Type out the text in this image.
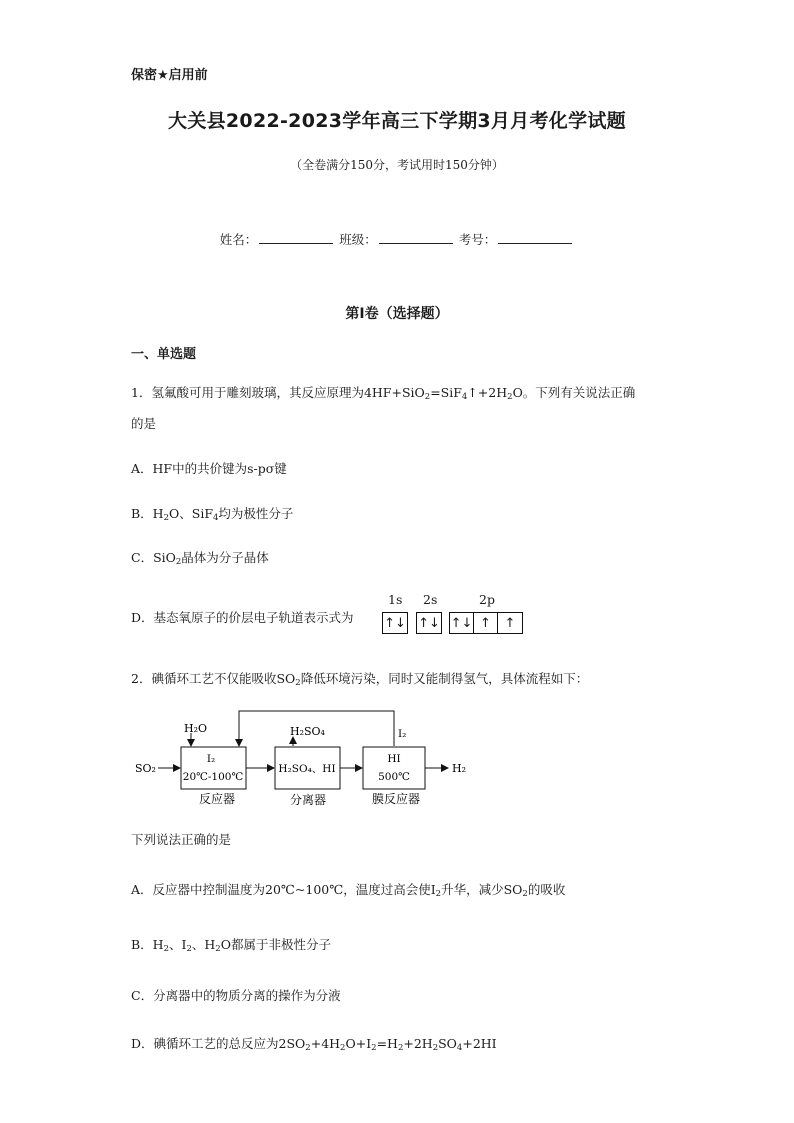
保密★启用前
大关县2022-2023学年高三下学期3月月考化学试题
（全卷满分150分，考试用时150分钟）
姓名：	班级：	考号：
第I卷（选择题）
一、单选题
1．氢氟酸可用于雕刻玻璃，其反应原理为$4HF+SiO_2=SiF_4↑+2H_2O$。下列有关说法正确
的是
A．HF中的共价键为s-pσ键
B．$H_2O$、SiF$_4$均为极性分子
C．SiO$_2$晶体为分子晶体
D．基态氧原子的价层电子轨道表示式为
1s 2s	2p
↑↓ ↑↓ ↑↓ ↑	↑
2．碘循环工艺不仅能吸收$SO_2$降低环境污染，同时又能制得氢气，具体流程如下：
SO₂
H₂O
I₂
20℃-100℃
H₂SO₄
H₂SO₄、HI
I₂
HI
500℃
H₂
反应器	分离器	膜反应器
下列说法正确的是
A．反应器中控制温度为20℃~100℃，温度过高会使$I_2$升华，减少$SO_2$的吸收
B．$H_2$、$I_2$、$H_2O$都属于非极性分子
C．分离器中的物质分离的操作为分液
D．碘循环工艺的总反应为$2SO_2+4H_2O+I_2=H_2+2H_2SO_4+2HI$
